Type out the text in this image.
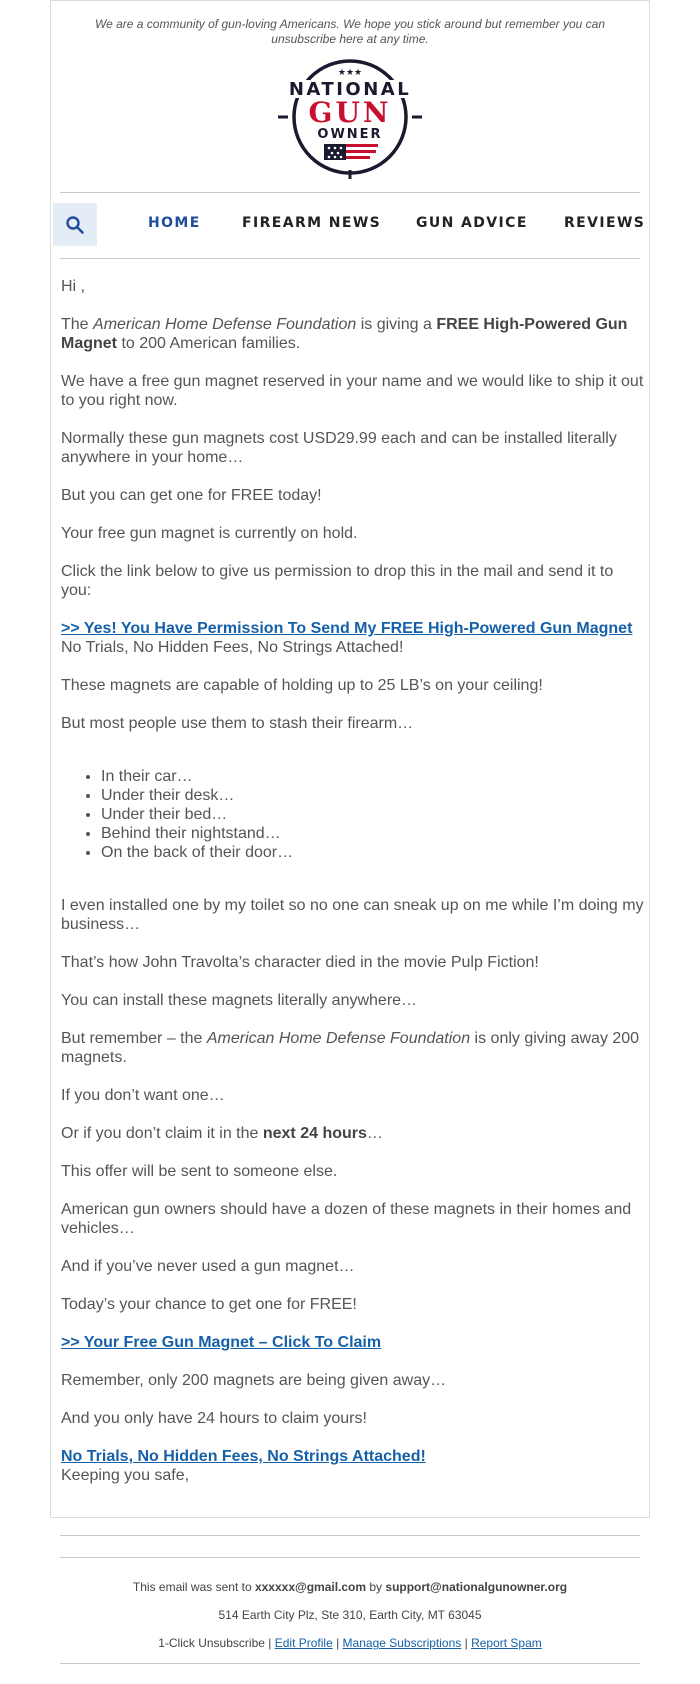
We are a community of gun-loving Americans. We hope you stick around but remember you can unsubscribe here at any time.
★★★
NATIONAL
GUN
OWNER
HOME	FIREARM NEWS GUN ADVICE	REVIEWS

Hi ,

The American Home Defense Foundation is giving a FREE High-Powered Gun Magnet to 200 American families.

We have a free gun magnet reserved in your name and we would like to ship it out to you right now.

Normally these gun magnets cost USD29.99 each and can be installed literally anywhere in your home…

But you can get one for FREE today!

Your free gun magnet is currently on hold.

Click the link below to give us permission to drop this in the mail and send it to you:

>> Yes! You Have Permission To Send My FREE High-Powered Gun Magnet

No Trials, No Hidden Fees, No Strings Attached!

These magnets are capable of holding up to 25 LB’s on your ceiling!

But most people use them to stash their firearm…

• In their car…
• Under their desk…
• Under their bed…
• Behind their nightstand…
• On the back of their door…

I even installed one by my toilet so no one can sneak up on me while I’m doing my business…

That’s how John Travolta’s character died in the movie Pulp Fiction!

You can install these magnets literally anywhere…

But remember – the American Home Defense Foundation is only giving away 200 magnets.

If you don’t want one…

Or if you don’t claim it in the next 24 hours…

This offer will be sent to someone else.

American gun owners should have a dozen of these magnets in their homes and vehicles…

And if you’ve never used a gun magnet…

Today’s your chance to get one for FREE!

>> Your Free Gun Magnet – Click To Claim

Remember, only 200 magnets are being given away…

And you only have 24 hours to claim yours!

No Trials, No Hidden Fees, No Strings Attached!

Keeping you safe,

This email was sent to xxxxxx@gmail.com by support@nationalgunowner.org
514 Earth City Plz, Ste 310, Earth City, MT 63045
1-Click Unsubscribe | Edit Profile | Manage Subscriptions | Report Spam
